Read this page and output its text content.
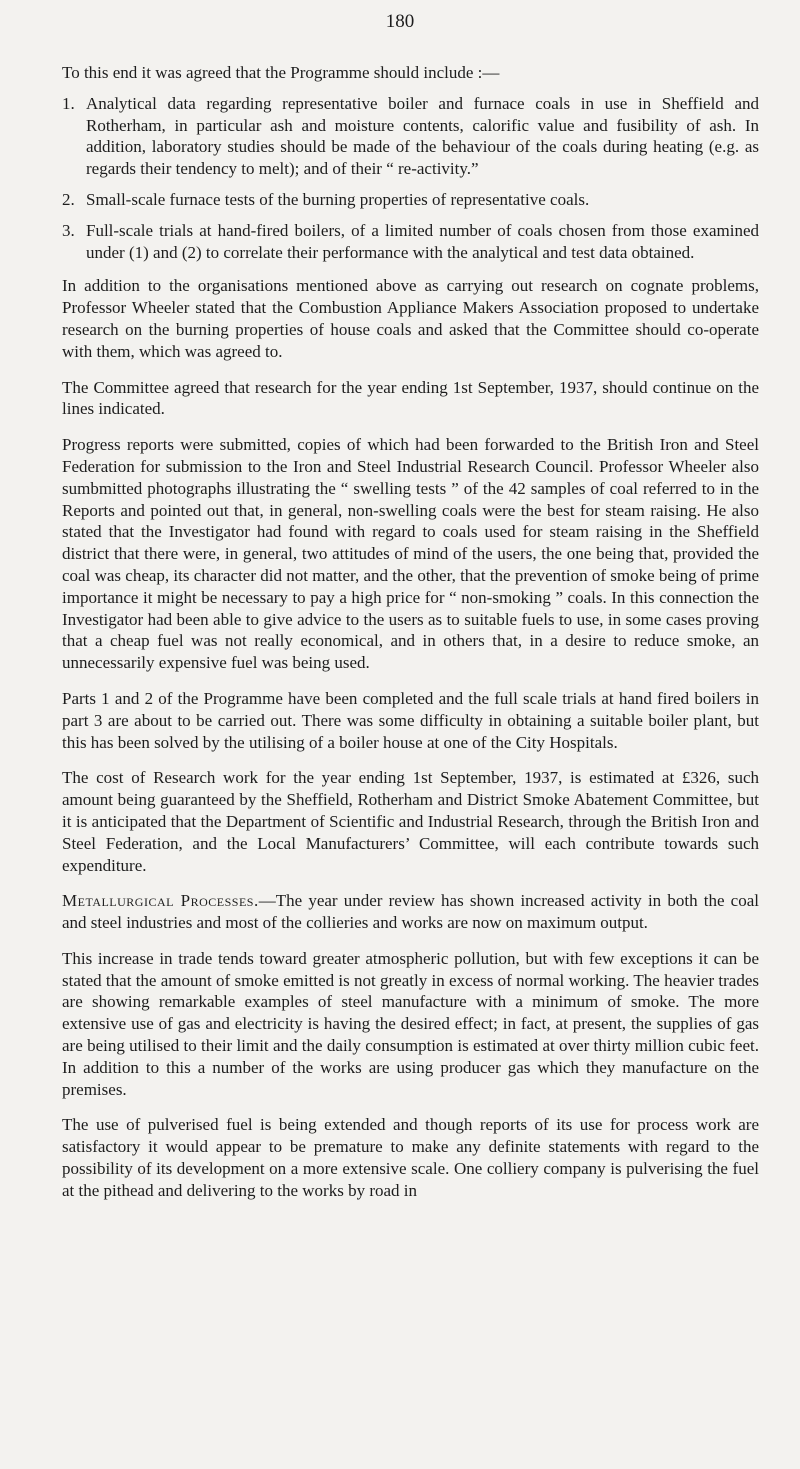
180

To this end it was agreed that the Programme should include :—

1. Analytical data regarding representative boiler and furnace coals in use in Sheffield and Rotherham, in particular ash and moisture contents, calorific value and fusibility of ash. In addition, laboratory studies should be made of the behaviour of the coals during heating (e.g. as regards their tendency to melt); and of their “ re-activity.”
2. Small-scale furnace tests of the burning properties of representative coals.
3. Full-scale trials at hand-fired boilers, of a limited number of coals chosen from those examined under (1) and (2) to correlate their performance with the analytical and test data obtained.

In addition to the organisations mentioned above as carrying out research on cognate problems, Professor Wheeler stated that the Combustion Appliance Makers Association proposed to undertake research on the burning properties of house coals and asked that the Committee should co-operate with them, which was agreed to.

The Committee agreed that research for the year ending 1st September, 1937, should continue on the lines indicated.

Progress reports were submitted, copies of which had been forwarded to the British Iron and Steel Federation for submission to the Iron and Steel Industrial Research Council. Professor Wheeler also sumbmitted photographs illustrating the “ swelling tests ” of the 42 samples of coal referred to in the Reports and pointed out that, in general, non-swelling coals were the best for steam raising. He also stated that the Investigator had found with regard to coals used for steam raising in the Sheffield district that there were, in general, two attitudes of mind of the users, the one being that, provided the coal was cheap, its character did not matter, and the other, that the prevention of smoke being of prime importance it might be necessary to pay a high price for “ non-smoking ” coals. In this connection the Investigator had been able to give advice to the users as to suitable fuels to use, in some cases proving that a cheap fuel was not really economical, and in others that, in a desire to reduce smoke, an unnecessarily expensive fuel was being used.

Parts 1 and 2 of the Programme have been completed and the full scale trials at hand fired boilers in part 3 are about to be carried out. There was some difficulty in obtaining a suitable boiler plant, but this has been solved by the utilising of a boiler house at one of the City Hospitals.

The cost of Research work for the year ending 1st September, 1937, is estimated at £326, such amount being guaranteed by the Sheffield, Rotherham and District Smoke Abatement Committee, but it is anticipated that the Department of Scientific and Industrial Research, through the British Iron and Steel Federation, and the Local Manufacturers’ Committee, will each contribute towards such expenditure.

Metallurgical Processes.—The year under review has shown increased activity in both the coal and steel industries and most of the collieries and works are now on maximum output.

This increase in trade tends toward greater atmospheric pollution, but with few exceptions it can be stated that the amount of smoke emitted is not greatly in excess of normal working. The heavier trades are showing remarkable examples of steel manufacture with a minimum of smoke. The more extensive use of gas and electricity is having the desired effect; in fact, at present, the supplies of gas are being utilised to their limit and the daily consumption is estimated at over thirty million cubic feet. In addition to this a number of the works are using producer gas which they manufacture on the premises.

The use of pulverised fuel is being extended and though reports of its use for process work are satisfactory it would appear to be premature to make any definite statements with regard to the possibility of its development on a more extensive scale. One colliery company is pulverising the fuel at the pithead and delivering to the works by road in
